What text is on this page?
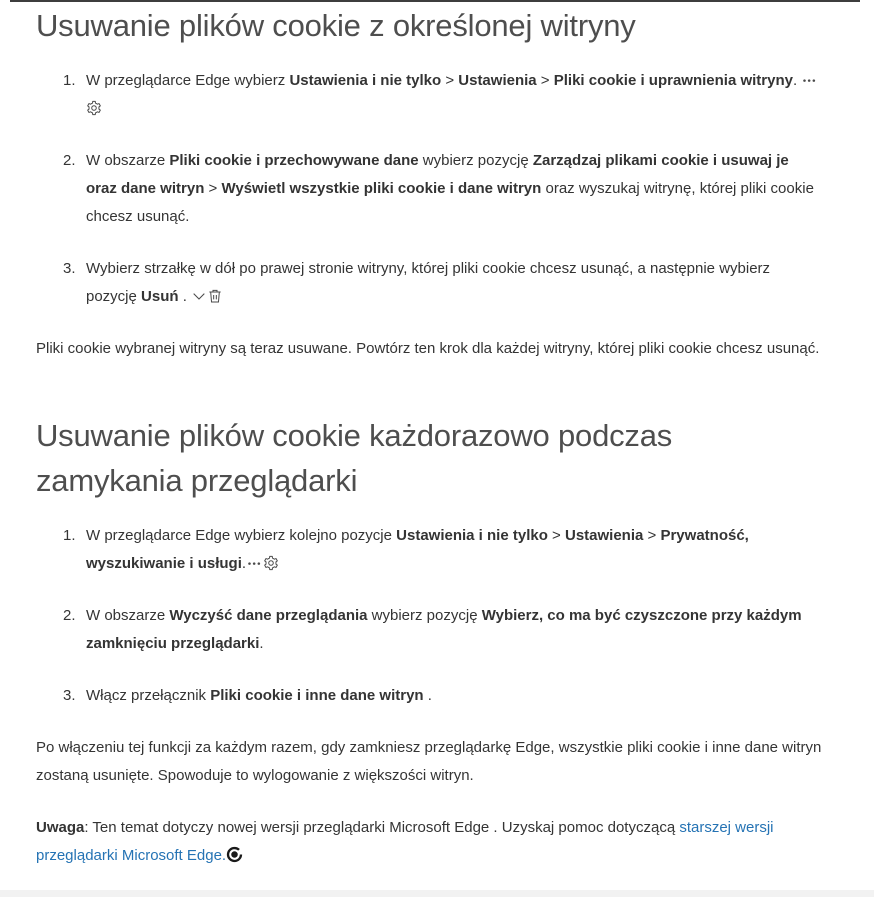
Usuwanie plików cookie z określonej witryny
1. W przeglądarce Edge wybierz Ustawienia i nie tylko > Ustawienia > Pliki cookie i uprawnienia witryny.
2. W obszarze Pliki cookie i przechowywane dane wybierz pozycję Zarządzaj plikami cookie i usuwaj je oraz dane witryn > Wyświetl wszystkie pliki cookie i dane witryn oraz wyszukaj witrynę, której pliki cookie chcesz usunąć.
3. Wybierz strzałkę w dół po prawej stronie witryny, której pliki cookie chcesz usunąć, a następnie wybierz pozycję Usuń .

Pliki cookie wybranej witryny są teraz usuwane. Powtórz ten krok dla każdej witryny, której pliki cookie chcesz usunąć.

Usuwanie plików cookie każdorazowo podczas zamykania przeglądarki
1. W przeglądarce Edge wybierz kolejno pozycje Ustawienia i nie tylko > Ustawienia > Prywatność, wyszukiwanie i usługi.
2. W obszarze Wyczyść dane przeglądania wybierz pozycję Wybierz, co ma być czyszczone przy każdym zamknięciu przeglądarki.
3. Włącz przełącznik Pliki cookie i inne dane witryn .

Po włączeniu tej funkcji za każdym razem, gdy zamkniesz przeglądarkę Edge, wszystkie pliki cookie i inne dane witryn zostaną usunięte. Spowoduje to wylogowanie z większości witryn.

Uwaga: Ten temat dotyczy nowej wersji przeglądarki Microsoft Edge . Uzyskaj pomoc dotyczącą starszej wersji przeglądarki Microsoft Edge.
